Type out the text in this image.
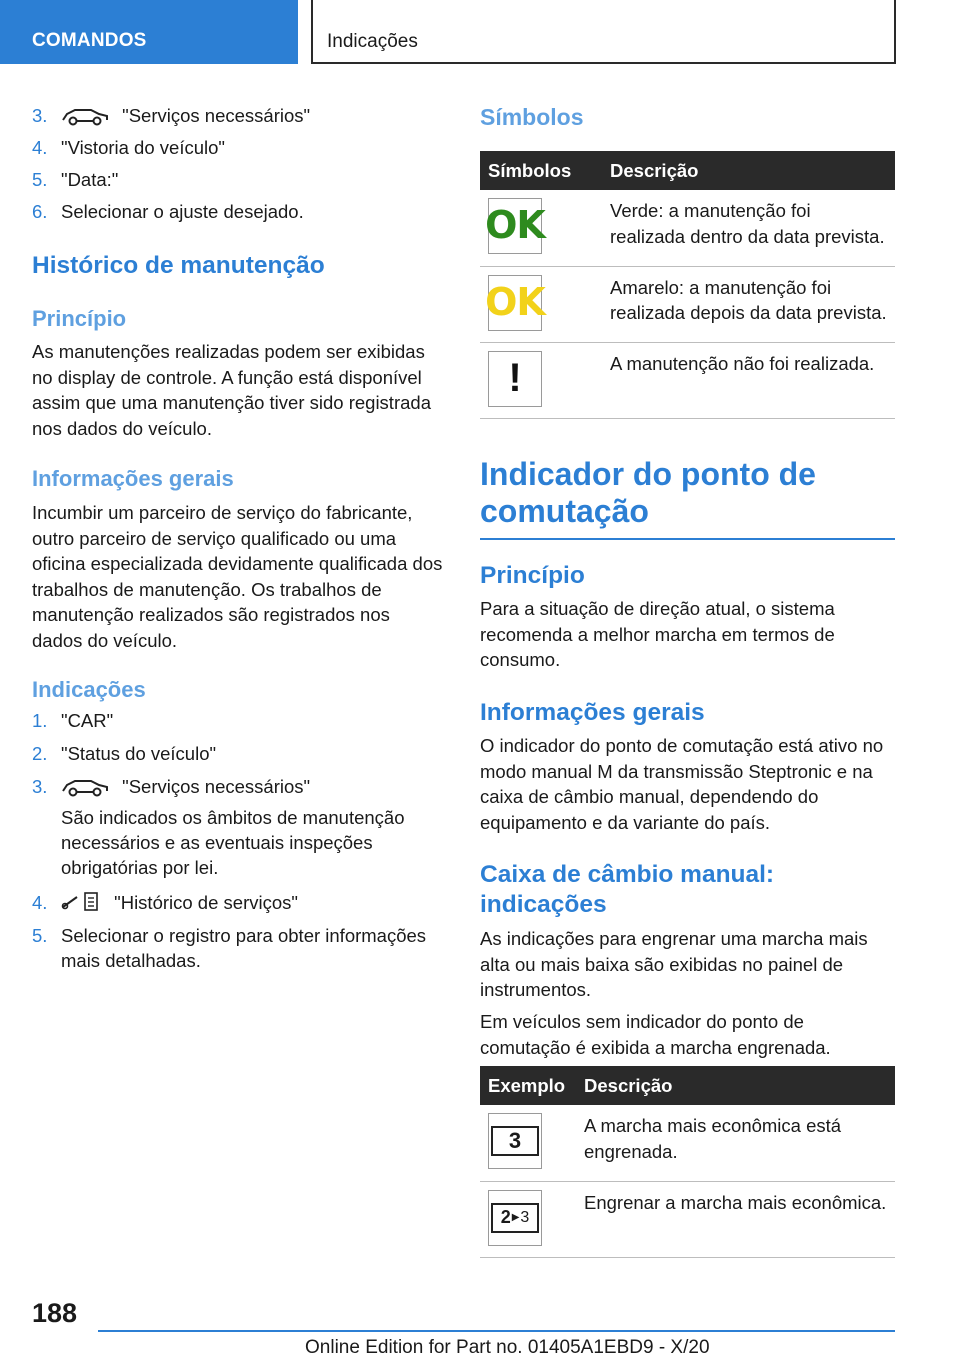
COMANDOS	Indicações
3.	"Serviços necessários"
4. "Vistoria do veículo"
5. "Data:"
6. Selecionar o ajuste desejado.
Histórico de manutenção
Princípio

As manutenções realizadas podem ser exibidas no display de controle. A função está disponível assim que uma manutenção tiver sido registrada nos dados do veículo.

Informações gerais

Incumbir um parceiro de serviço do fabricante, outro parceiro de serviço qualificado ou uma oficina especializada devidamente qualificada dos trabalhos de manutenção. Os trabalhos de manutenção realizados são registrados nos dados do veículo.

Indicações
1. "CAR"
2. "Status do veículo"
3.	"Serviços necessários"
São indicados os âmbitos de manutenção necessários e as eventuais inspeções obrigatórias por lei.
4.	"Histórico de serviços"
5. Selecionar o registro para obter informações mais detalhadas.
Símbolos
Símbolos	Descrição

OK	Verde: a manutenção foi realizada dentro da data prevista.

OK	Amarelo: a manutenção foi realizada depois da data prevista.

!	A manutenção não foi realizada.
Indicador do ponto de comutação
Princípio

Para a situação de direção atual, o sistema recomenda a melhor marcha em termos de consumo.

Informações gerais

O indicador do ponto de comutação está ativo no modo manual M da transmissão Steptronic e na caixa de câmbio manual, dependendo do equipamento e da variante do país.

Caixa de câmbio manual: indicações

As indicações para engrenar uma marcha mais alta ou mais baixa são exibidas no painel de instrumentos.

Em veículos sem indicador do ponto de comutação é exibida a marcha engrenada.

Exemplo	Descrição

3	A marcha mais econômica está engrenada.

2 ▶ 3	Engrenar a marcha mais econômica.
188
Online Edition for Part no. 01405A1EBD9 - X/20
